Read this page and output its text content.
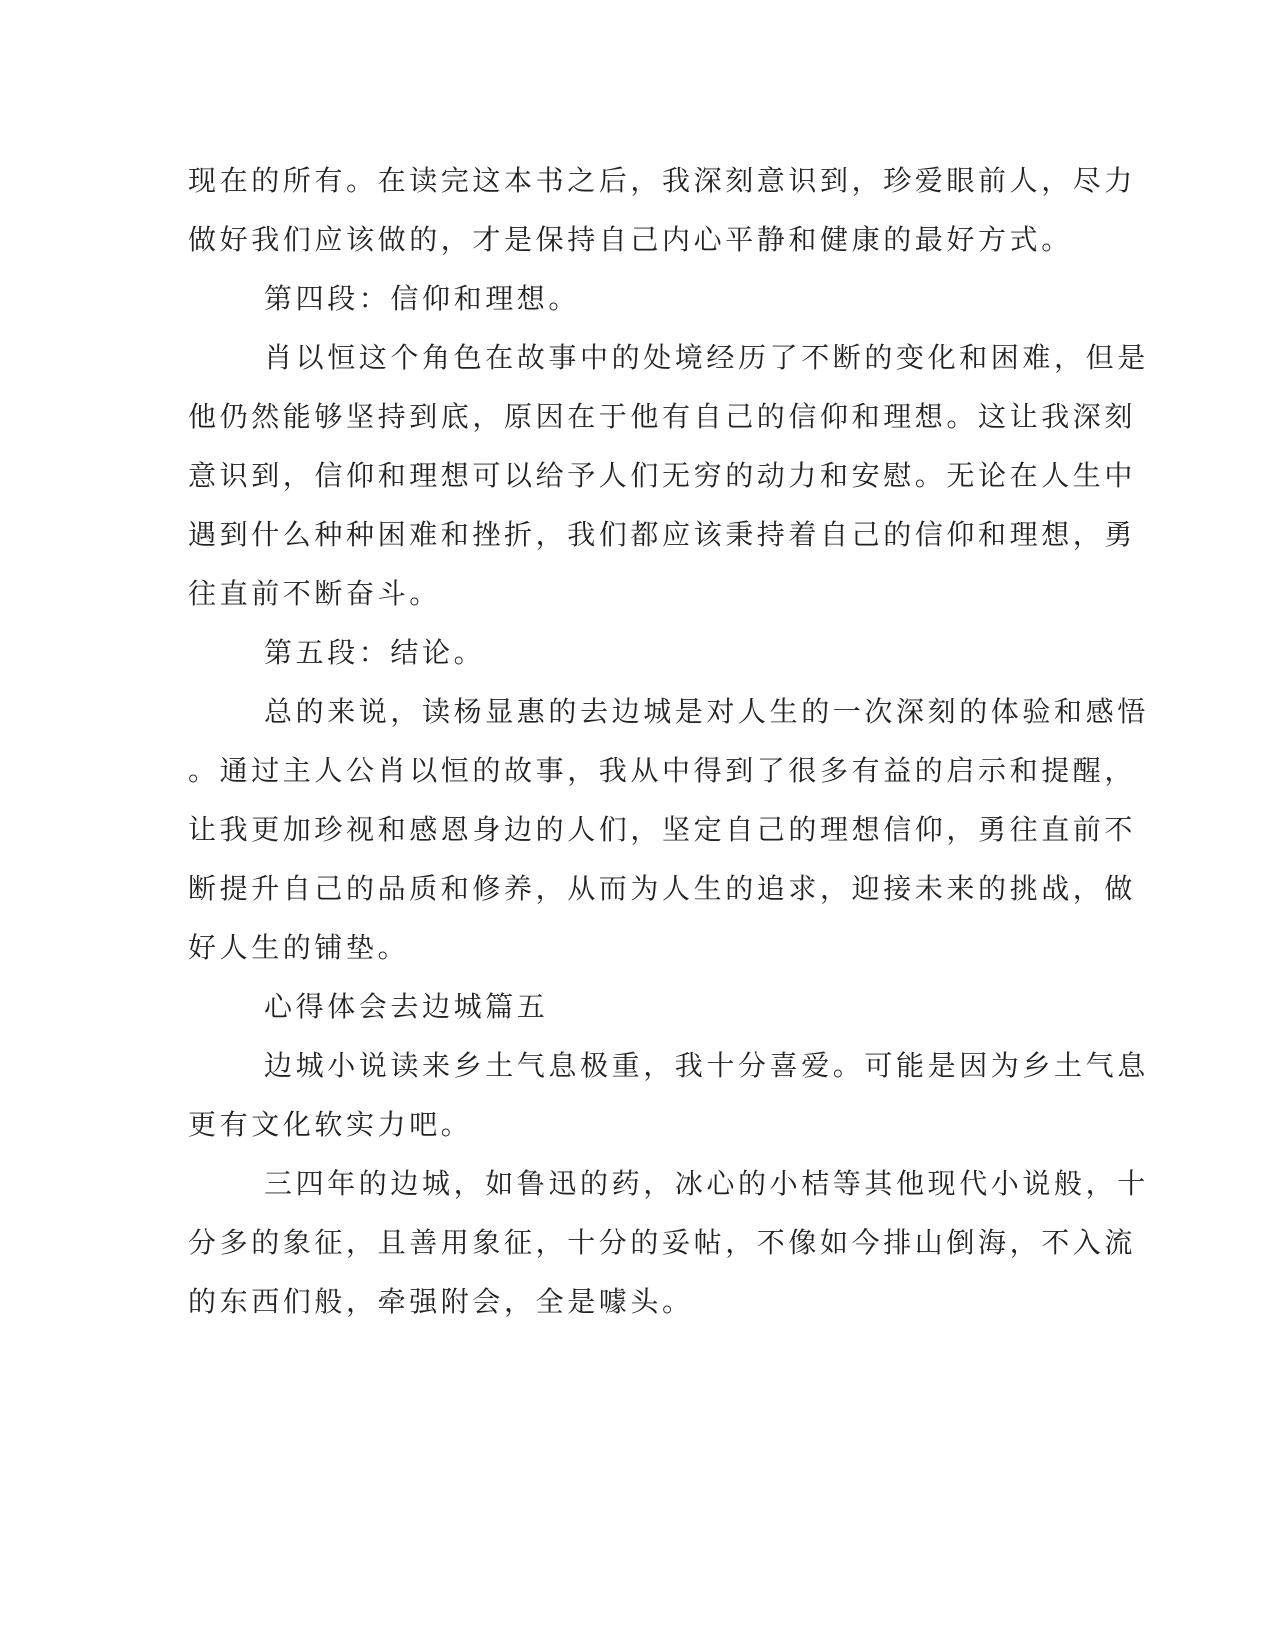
现在的所有。在读完这本书之后，我深刻意识到，珍爱眼前人，尽力
做好我们应该做的，才是保持自己内心平静和健康的最好方式。
第四段：信仰和理想。
肖以恒这个角色在故事中的处境经历了不断的变化和困难，但是
他仍然能够坚持到底，原因在于他有自己的信仰和理想。这让我深刻
意识到，信仰和理想可以给予人们无穷的动力和安慰。无论在人生中
遇到什么种种困难和挫折，我们都应该秉持着自己的信仰和理想，勇
往直前不断奋斗。
第五段：结论。
总的来说，读杨显惠的去边城是对人生的一次深刻的体验和感悟
。通过主人公肖以恒的故事，我从中得到了很多有益的启示和提醒，
让我更加珍视和感恩身边的人们，坚定自己的理想信仰，勇往直前不
断提升自己的品质和修养，从而为人生的追求，迎接未来的挑战，做
好人生的铺垫。
心得体会去边城篇五
边城小说读来乡土气息极重，我十分喜爱。可能是因为乡土气息
更有文化软实力吧。
三四年的边城，如鲁迅的药，冰心的小桔等其他现代小说般，十
分多的象征，且善用象征，十分的妥帖，不像如今排山倒海，不入流
的东西们般，牵强附会，全是噱头。
